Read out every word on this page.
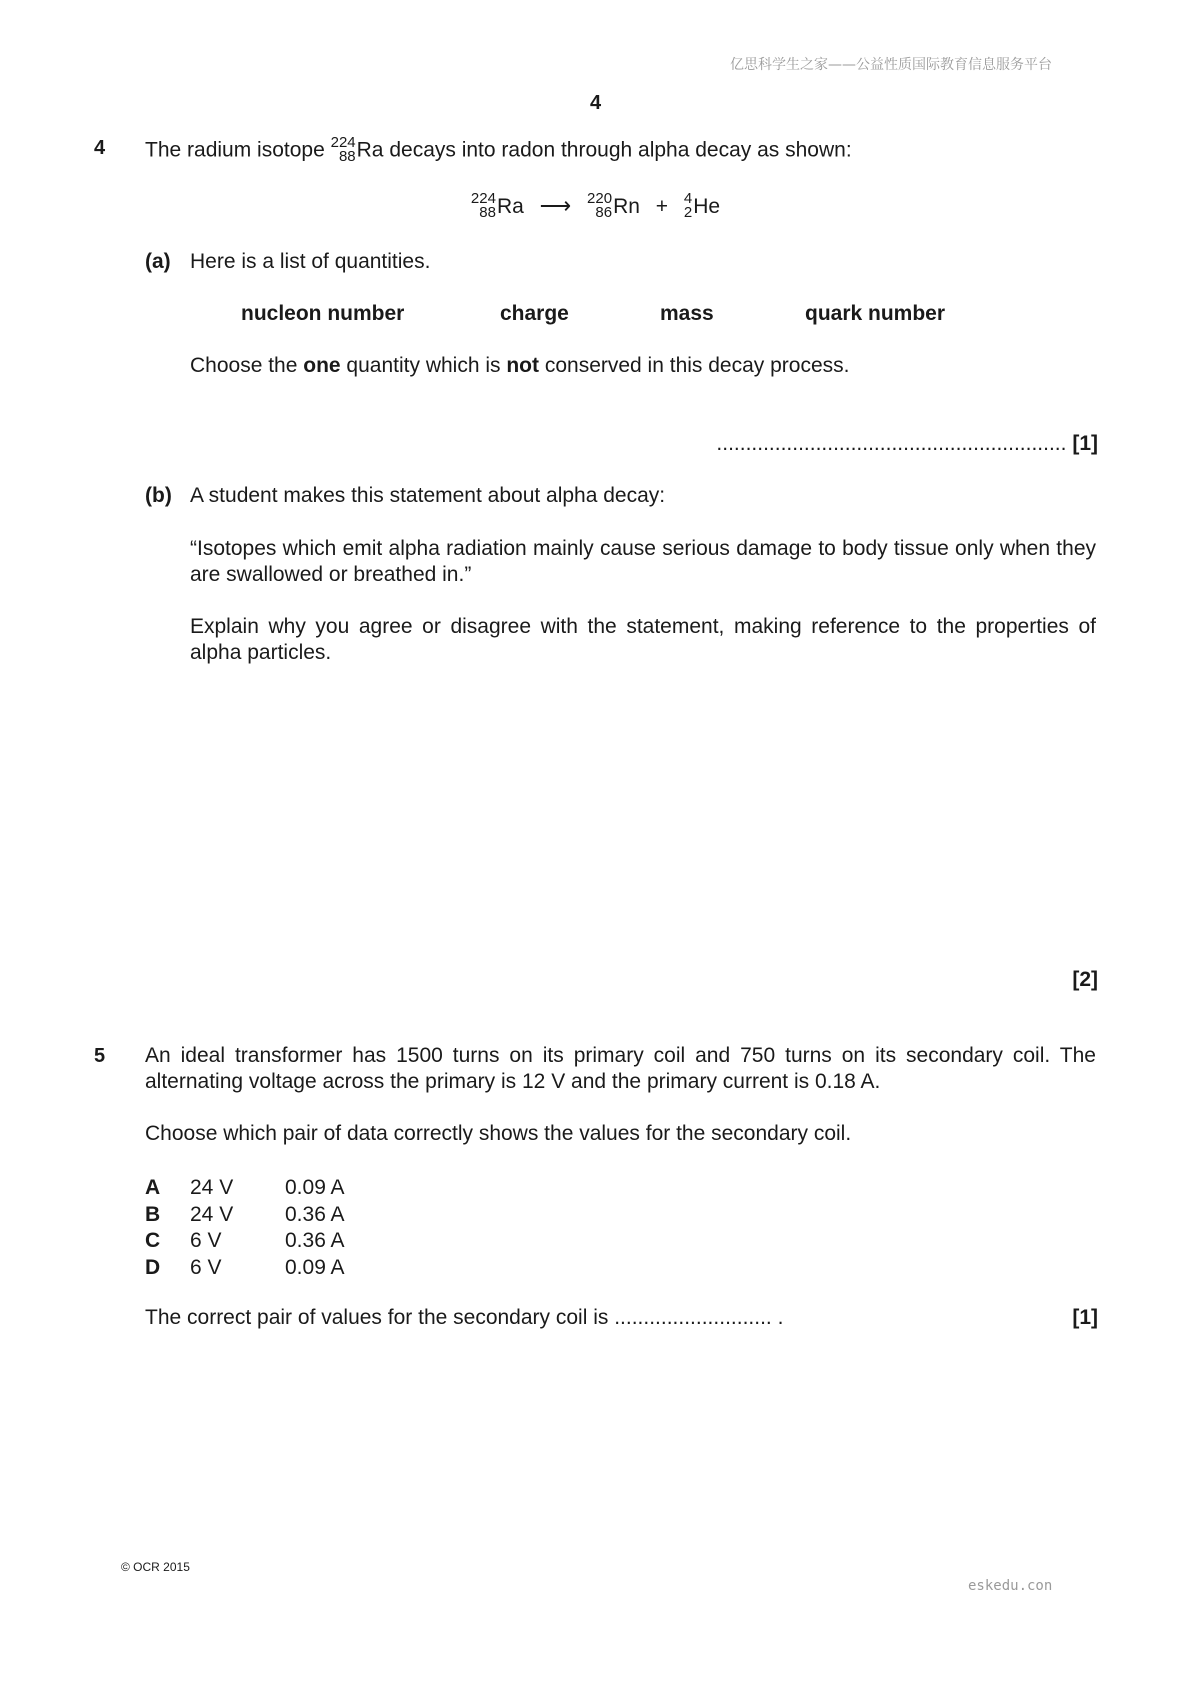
亿思科学生之家——公益性质国际教育信息服务平台
4
4 The radium isotope 224
88 Ra decays into radon through alpha decay as shown:
224
88 Ra ⟶ 220
86 Rn + 4
2 He
(a) Here is a list of quantities.
nucleon number	charge	mass	quark number
Choose the one quantity which is not conserved in this decay process.
............................................................ [1]
(b) A student makes this statement about alpha decay:
“Isotopes which emit alpha radiation mainly cause serious damage to body tissue only when they are swallowed or breathed in.”
Explain why you agree or disagree with the statement, making reference to the properties of alpha particles.
[2]
5 An ideal transformer has 1500 turns on its primary coil and 750 turns on its secondary coil. The alternating voltage across the primary is 12 V and the primary current is 0.18 A.
Choose which pair of data correctly shows the values for the secondary coil.
A 24 V 0.09 A
B 24 V 0.36 A
C 6 V	0.36 A
D 6 V	0.09 A
The correct pair of values for the secondary coil is ........................... .	[1]
© OCR 2015
eskedu.con
